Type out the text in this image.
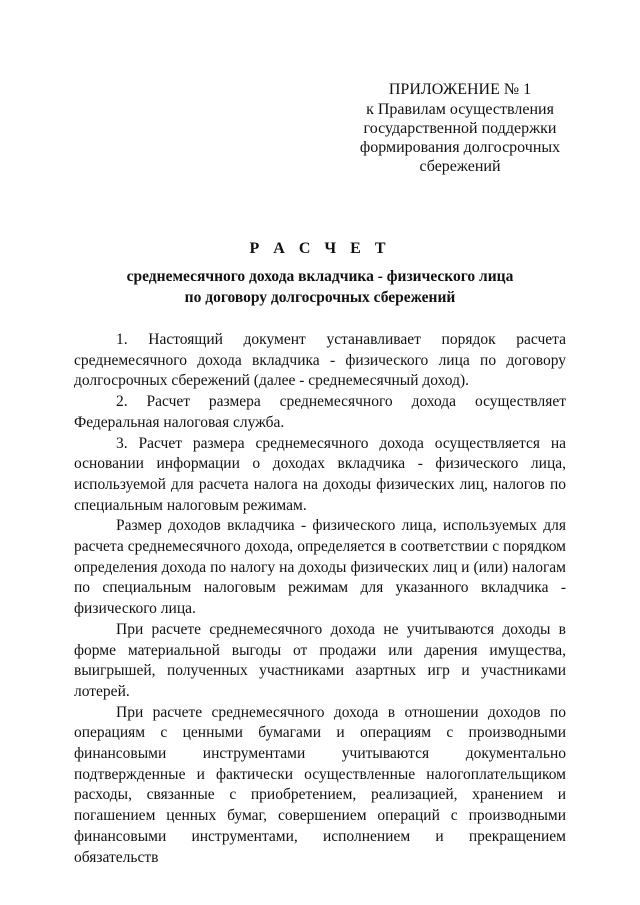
ПРИЛОЖЕНИЕ № 1
к Правилам осуществления
государственной поддержки
формирования долгосрочных
сбережений
Р А С Ч Е Т
среднемесячного дохода вкладчика - физического лица
по договору долгосрочных сбережений

1. Настоящий документ устанавливает порядок расчета среднемесячного дохода вкладчика - физического лица по договору долгосрочных сбережений (далее - среднемесячный доход).

2. Расчет размера среднемесячного дохода осуществляет Федеральная налоговая служба.

3. Расчет размера среднемесячного дохода осуществляется на основании информации о доходах вкладчика - физического лица, используемой для расчета налога на доходы физических лиц, налогов по специальным налоговым режимам.

Размер доходов вкладчика - физического лица, используемых для расчета среднемесячного дохода, определяется в соответствии с порядком определения дохода по налогу на доходы физических лиц и (или) налогам по специальным налоговым режимам для указанного вкладчика - физического лица.

При расчете среднемесячного дохода не учитываются доходы в форме материальной выгоды от продажи или дарения имущества, выигрышей, полученных участниками азартных игр и участниками лотерей.

При расчете среднемесячного дохода в отношении доходов по операциям с ценными бумагами и операциям с производными финансовыми инструментами учитываются документально подтвержденные и фактически осуществленные налогоплательщиком расходы, связанные с приобретением, реализацией, хранением и погашением ценных бумаг, совершением операций с производными финансовыми инструментами, исполнением и прекращением обязательств
